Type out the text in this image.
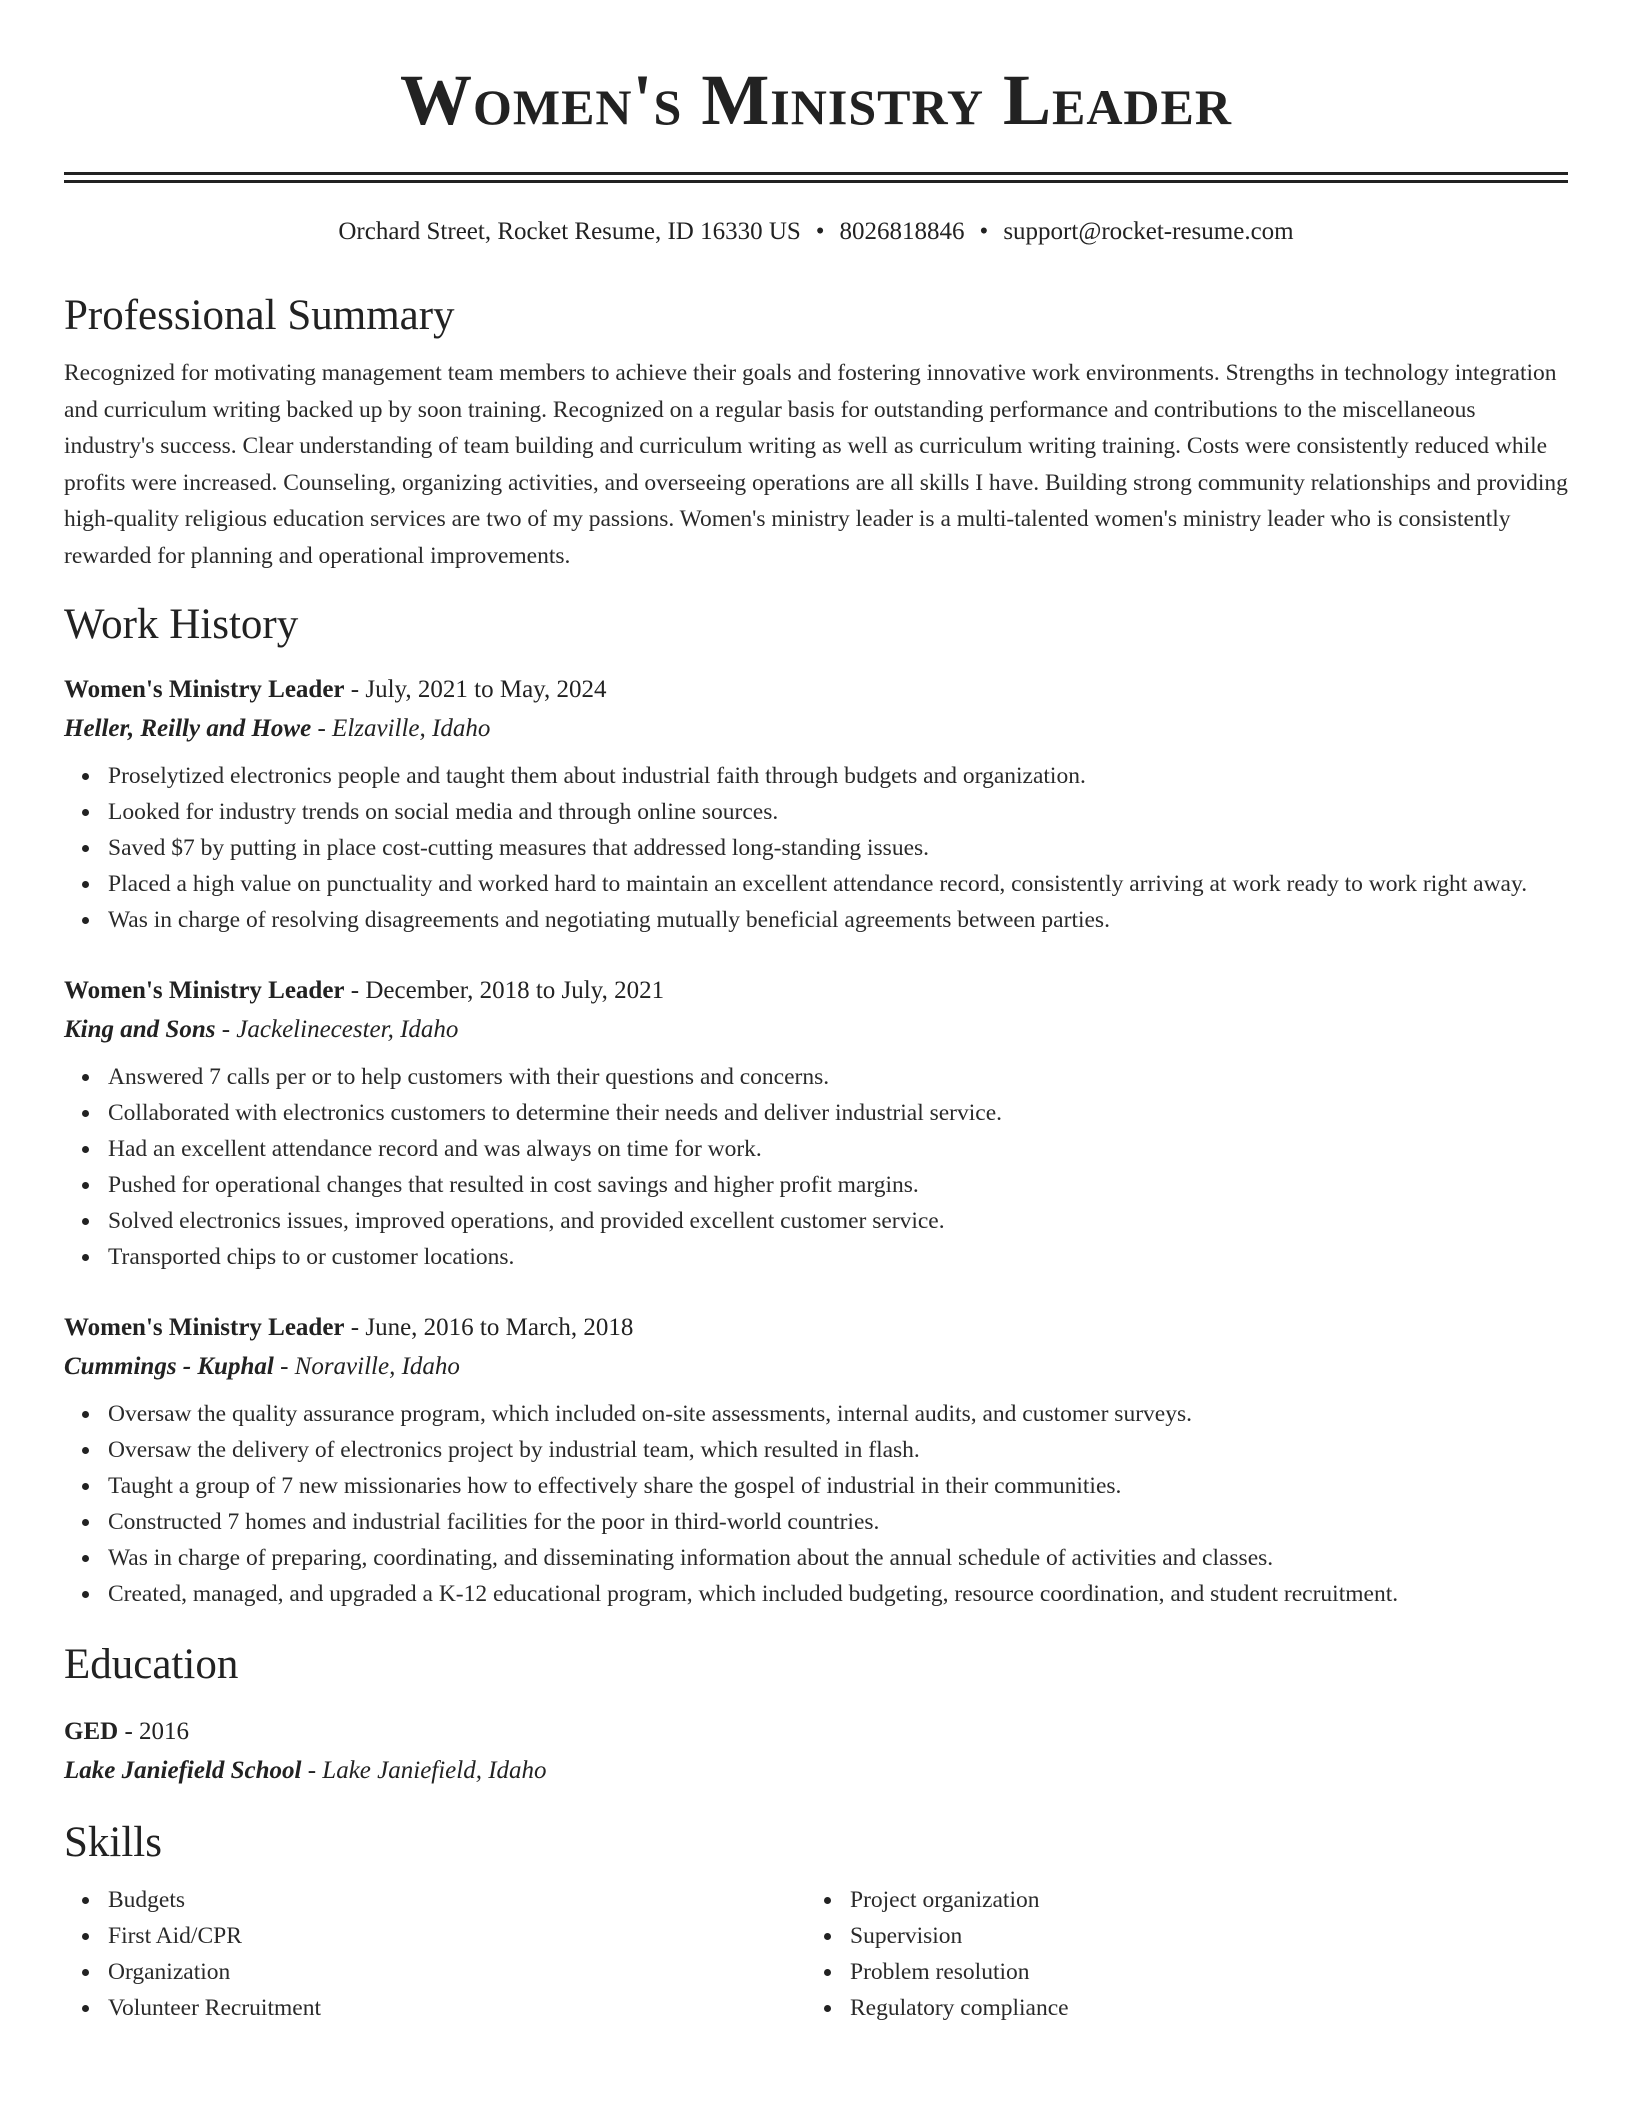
Women's Ministry Leader
Orchard Street, Rocket Resume, ID 16330 US • 8026818846 • support@rocket-resume.com
Professional Summary

Recognized for motivating management team members to achieve their goals and fostering innovative work environments. Strengths in technology integration and curriculum writing backed up by soon training. Recognized on a regular basis for outstanding performance and contributions to the miscellaneous industry's success. Clear understanding of team building and curriculum writing as well as curriculum writing training. Costs were consistently reduced while profits were increased. Counseling, organizing activities, and overseeing operations are all skills I have. Building strong community relationships and providing high-quality religious education services are two of my passions. Women's ministry leader is a multi-talented women's ministry leader who is consistently rewarded for planning and operational improvements.

Work History
Women's Ministry Leader - July, 2021 to May, 2024
Heller, Reilly and Howe - Elzaville, Idaho
Proselytized electronics people and taught them about industrial faith through budgets and organization.
Looked for industry trends on social media and through online sources.
Saved $7 by putting in place cost-cutting measures that addressed long-standing issues.
Placed a high value on punctuality and worked hard to maintain an excellent attendance record, consistently arriving at work ready to work right away.
Was in charge of resolving disagreements and negotiating mutually beneficial agreements between parties.
Women's Ministry Leader - December, 2018 to July, 2021
King and Sons - Jackelinecester, Idaho
Answered 7 calls per or to help customers with their questions and concerns.
Collaborated with electronics customers to determine their needs and deliver industrial service.
Had an excellent attendance record and was always on time for work.
Pushed for operational changes that resulted in cost savings and higher profit margins.
Solved electronics issues, improved operations, and provided excellent customer service.
Transported chips to or customer locations.
Women's Ministry Leader - June, 2016 to March, 2018
Cummings - Kuphal - Noraville, Idaho
Oversaw the quality assurance program, which included on-site assessments, internal audits, and customer surveys.
Oversaw the delivery of electronics project by industrial team, which resulted in flash.
Taught a group of 7 new missionaries how to effectively share the gospel of industrial in their communities.
Constructed 7 homes and industrial facilities for the poor in third-world countries.
Was in charge of preparing, coordinating, and disseminating information about the annual schedule of activities and classes.
Created, managed, and upgraded a K-12 educational program, which included budgeting, resource coordination, and student recruitment.
Education
GED - 2016
Lake Janiefield School - Lake Janiefield, Idaho
Skills
Budgets
First Aid/CPR
Organization
Volunteer Recruitment
Project organization
Supervision
Problem resolution
Regulatory compliance
